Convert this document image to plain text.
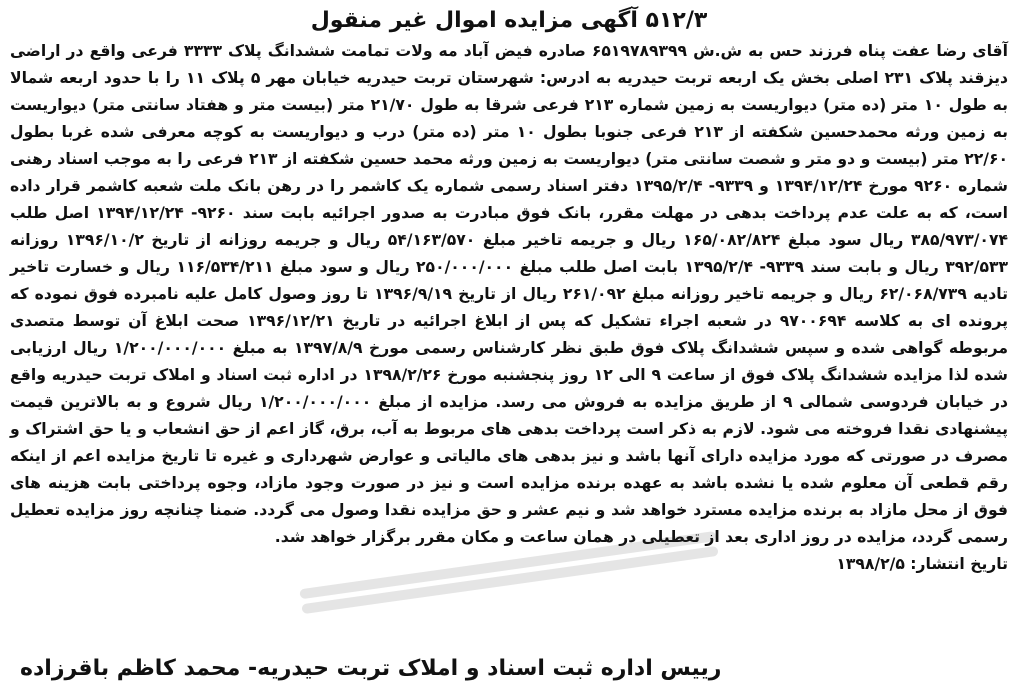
۵۱۲/۳ آگهی مزایده اموال غیر منقول

آقای رضا عفت پناه فرزند حس به ش.ش ۶۵۱۹۷۸۹۳۹۹ صادره فیض آباد مه ولات تمامت ششدانگ پلاک ۳۳۳۳ فرعی واقع در اراضی دیزقند پلاک ۲۳۱ اصلی بخش یک اربعه تربت حیدریه به ادرس: شهرستان تربت حیدریه خیابان مهر ۵ پلاک ۱۱ را با حدود اربعه شمالا به طول ۱۰ متر (ده متر) دیواریست به زمین شماره ۲۱۳ فرعی شرقا به طول ۲۱/۷۰ متر (بیست متر و هفتاد سانتی متر) دیواریست به زمین ورثه محمدحسین شکفته از ۲۱۳ فرعی جنوبا بطول ۱۰ متر (ده متر) درب و دیواریست به کوچه معرفی شده غربا بطول ۲۲/۶۰ متر (بیست و دو متر و شصت سانتی متر) دیواریست به زمین ورثه محمد حسین شکفته از ۲۱۳ فرعی را به موجب اسناد رهنی شماره ۹۲۶۰ مورخ ۱۳۹۴/۱۲/۲۴ و ۹۳۳۹- ۱۳۹۵/۲/۴ دفتر اسناد رسمی شماره یک کاشمر را در رهن بانک ملت شعبه کاشمر قرار داده است، که به علت عدم پرداخت بدهی در مهلت مقرر، بانک فوق مبادرت به صدور اجرائیه بابت سند ۹۲۶۰- ۱۳۹۴/۱۲/۲۴ اصل طلب ۳۸۵/۹۷۳/۰۷۴ ریال سود مبلغ ۱۶۵/۰۸۲/۸۲۴ ریال و جریمه تاخیر مبلغ ۵۴/۱۶۳/۵۷۰ ریال و جریمه روزانه از تاریخ ۱۳۹۶/۱۰/۲ روزانه ۳۹۲/۵۳۳ ریال و بابت سند ۹۳۳۹- ۱۳۹۵/۲/۴ بابت اصل طلب مبلغ ۲۵۰/۰۰۰/۰۰۰ ریال و سود مبلغ ۱۱۶/۵۳۴/۲۱۱ ریال و خسارت تاخیر تادیه ۶۲/۰۶۸/۷۳۹ ریال و جریمه تاخیر روزانه مبلغ ۲۶۱/۰۹۲ ریال از تاریخ ۱۳۹۶/۹/۱۹ تا روز وصول کامل علیه نامبرده فوق نموده که پرونده ای به کلاسه ۹۷۰۰۶۹۴ در شعبه اجراء تشکیل که پس از ابلاغ اجرائیه در تاریخ ۱۳۹۶/۱۲/۲۱ صحت ابلاغ آن توسط متصدی مربوطه گواهی شده و سپس ششدانگ پلاک فوق طبق نظر کارشناس رسمی مورخ ۱۳۹۷/۸/۹ به مبلغ ۱/۲۰۰/۰۰۰/۰۰۰ ریال ارزیابی شده لذا مزایده ششدانگ پلاک فوق از ساعت ۹ الی ۱۲ روز پنجشنبه مورخ ۱۳۹۸/۲/۲۶ در اداره ثبت اسناد و املاک تربت حیدریه واقع در خیابان فردوسی شمالی ۹ از طریق مزایده به فروش می رسد. مزایده از مبلغ ۱/۲۰۰/۰۰۰/۰۰۰ ریال شروع و به بالاترین قیمت پیشنهادی نقدا فروخته می شود. لازم به ذکر است پرداخت بدهی های مربوط به آب، برق، گاز اعم از حق انشعاب و یا حق اشتراک و مصرف در صورتی که مورد مزایده دارای آنها باشد و نیز بدهی های مالیاتی و عوارض شهرداری و غیره تا تاریخ مزایده اعم از اینکه رقم قطعی آن معلوم شده یا نشده باشد به عهده برنده مزایده است و نیز در صورت وجود مازاد، وجوه پرداختی بابت هزینه های فوق از محل مازاد به برنده مزایده مسترد خواهد شد و نیم عشر و حق مزایده نقدا وصول می گردد. ضمنا چنانچه روز مزایده تعطیل رسمی گردد، مزایده در روز اداری بعد از تعطیلی در همان ساعت و مکان مقرر برگزار خواهد شد.

تاریخ انتشار: ۱۳۹۸/۲/۵

رییس اداره ثبت اسناد و املاک تربت حیدریه- محمد کاظم باقرزاده
